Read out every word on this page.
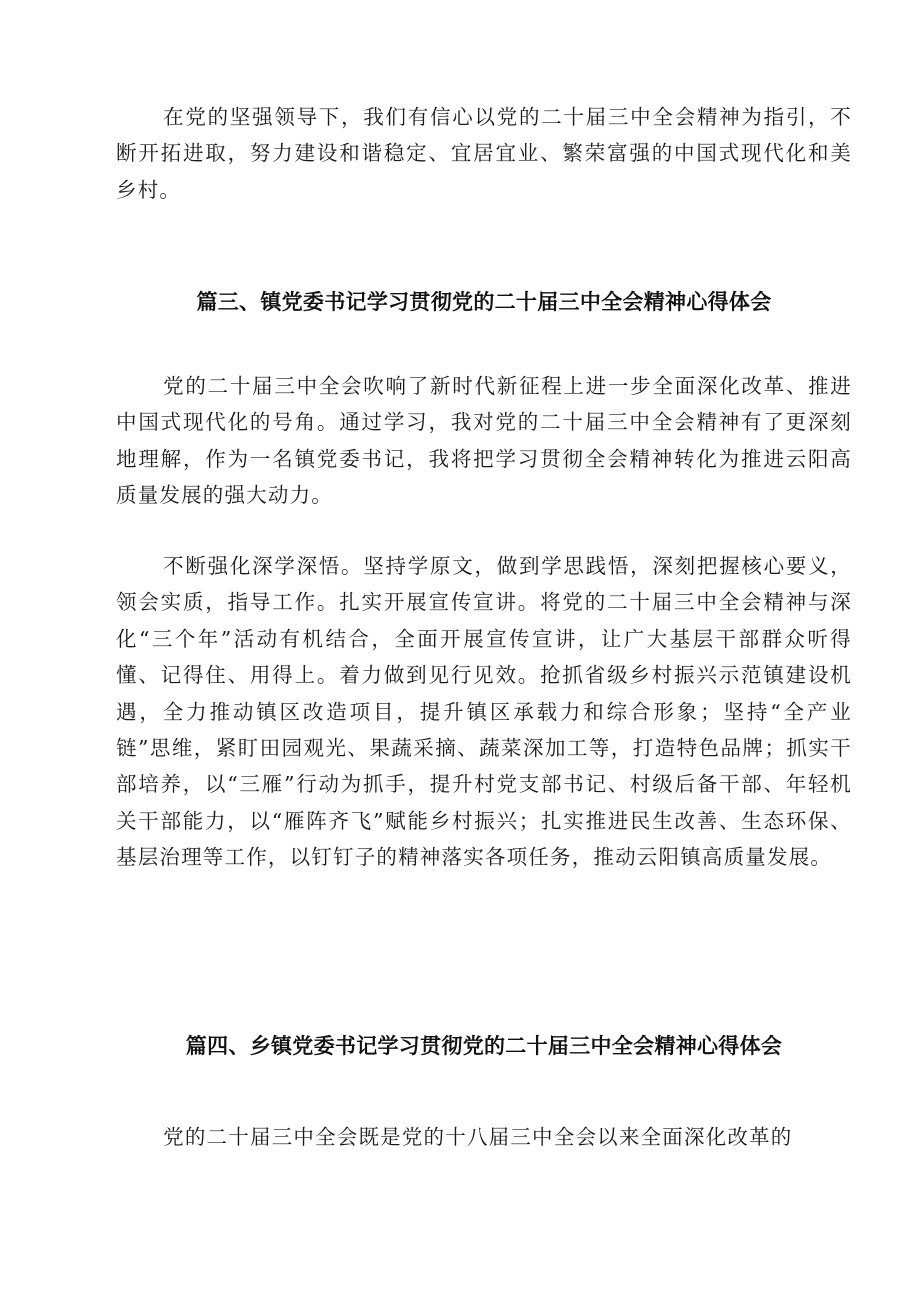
在党的坚强领导下，我们有信心以党的二十届三中全会精神为指引，不断开拓进取，努力建设和谐稳定、宜居宜业、繁荣富强的中国式现代化和美乡村。

篇三、镇党委书记学习贯彻党的二十届三中全会精神心得体会

党的二十届三中全会吹响了新时代新征程上进一步全面深化改革、推进中国式现代化的号角。通过学习，我对党的二十届三中全会精神有了更深刻地理解，作为一名镇党委书记，我将把学习贯彻全会精神转化为推进云阳高质量发展的强大动力。

不断强化深学深悟。坚持学原文，做到学思践悟，深刻把握核心要义，领会实质，指导工作。扎实开展宣传宣讲。将党的二十届三中全会精神与深化“三个年”活动有机结合，全面开展宣传宣讲，让广大基层干部群众听得懂、记得住、用得上。着力做到见行见效。抢抓省级乡村振兴示范镇建设机遇，全力推动镇区改造项目，提升镇区承载力和综合形象；坚持“全产业链”思维，紧盯田园观光、果蔬采摘、蔬菜深加工等，打造特色品牌；抓实干部培养，以“三雁”行动为抓手，提升村党支部书记、村级后备干部、年轻机关干部能力，以“雁阵齐飞”赋能乡村振兴；扎实推进民生改善、生态环保、基层治理等工作，以钉钉子的精神落实各项任务，推动云阳镇高质量发展。

篇四、乡镇党委书记学习贯彻党的二十届三中全会精神心得体会

党的二十届三中全会既是党的十八届三中全会以来全面深化改革的
